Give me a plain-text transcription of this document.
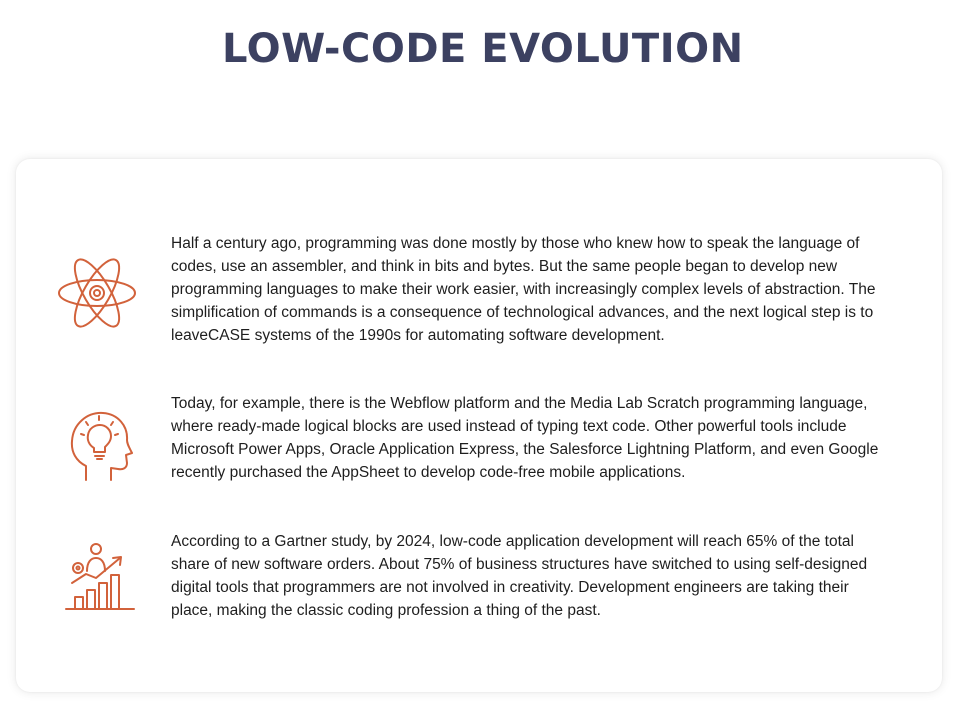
LOW-CODE EVOLUTION

Half a century ago, programming was done mostly by those who knew how to speak the language of codes, use an assembler, and think in bits and bytes. But the same people began to develop new programming languages to make their work easier, with increasingly complex levels of abstraction. The simplification of commands is a consequence of technological advances, and the next logical step is to leaveCASE systems of the 1990s for automating software development.

Today, for example, there is the Webflow platform and the Media Lab Scratch programming language, where ready-made logical blocks are used instead of typing text code. Other powerful tools include Microsoft Power Apps, Oracle Application Express, the Salesforce Lightning Platform, and even Google recently purchased the AppSheet to develop code-free mobile applications.

According to a Gartner study, by 2024, low-code application development will reach 65% of the total share of new software orders. About 75% of business structures have switched to using self-designed digital tools that programmers are not involved in creativity. Development engineers are taking their place, making the classic coding profession a thing of the past.
